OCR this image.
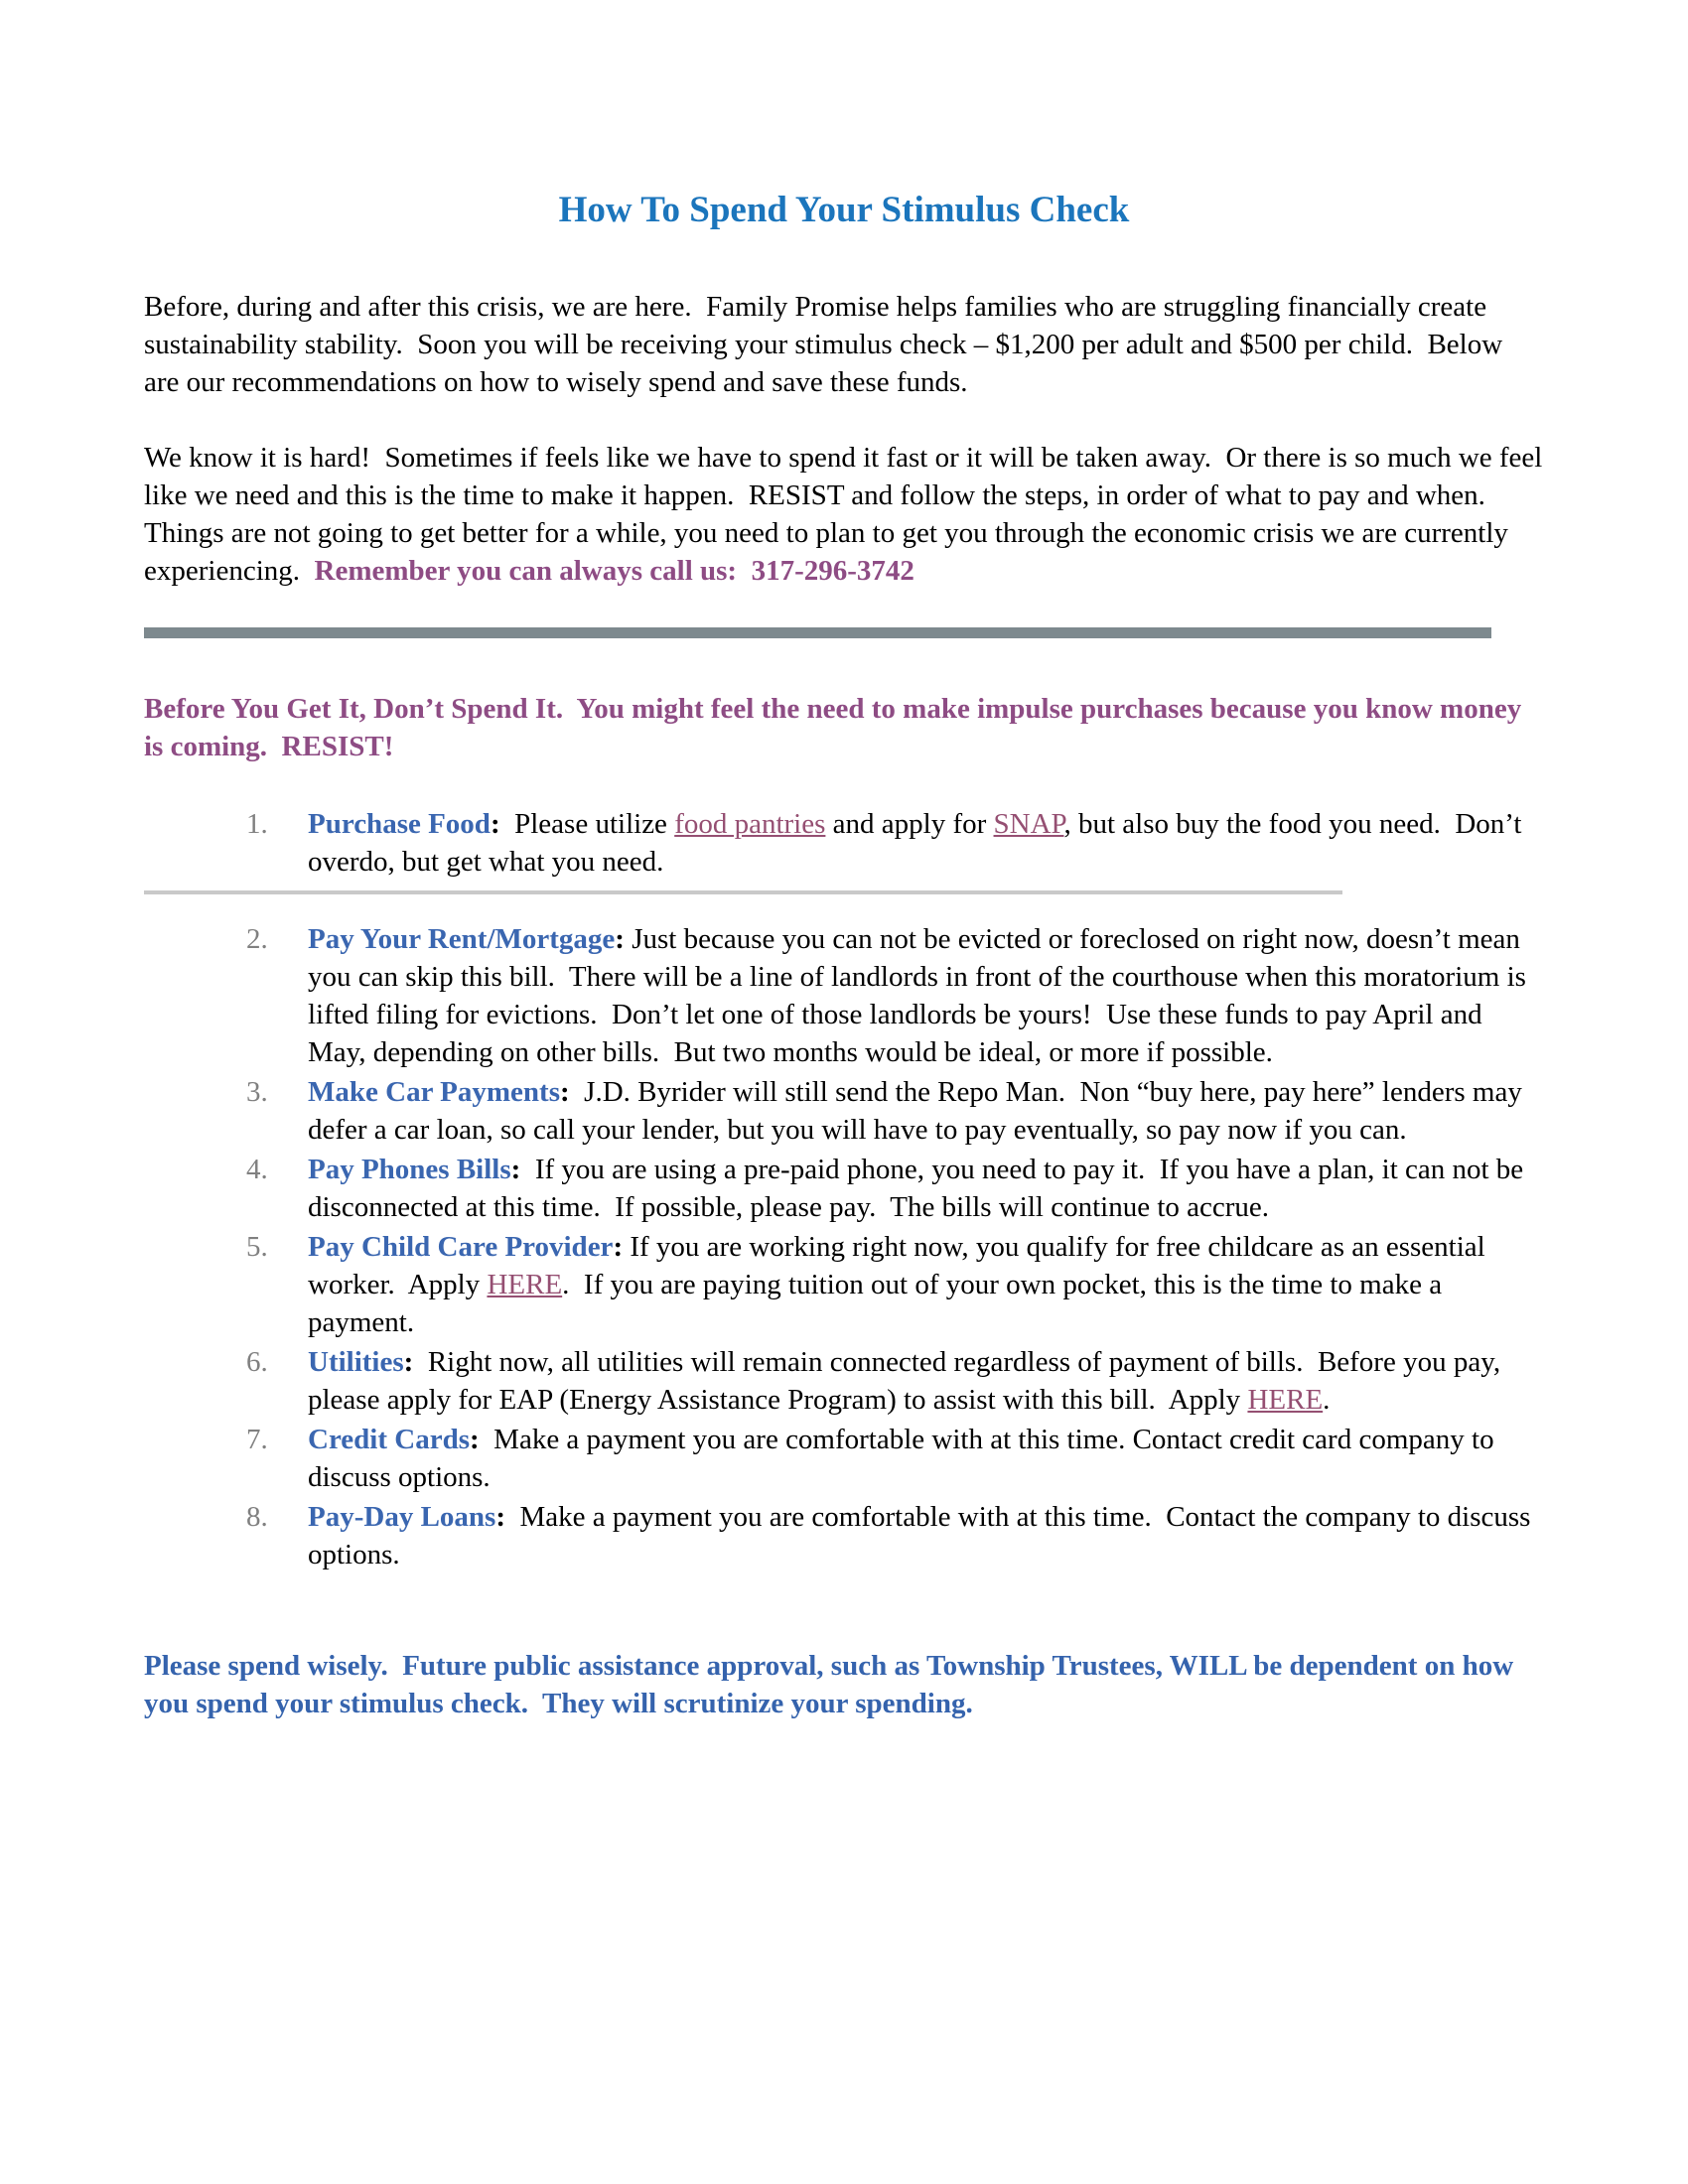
How To Spend Your Stimulus Check

Before, during and after this crisis, we are here.  Family Promise helps families who are struggling financially create sustainability stability.  Soon you will be receiving your stimulus check – $1,200 per adult and $500 per child.  Below are our recommendations on how to wisely spend and save these funds.

We know it is hard!  Sometimes if feels like we have to spend it fast or it will be taken away.  Or there is so much we feel like we need and this is the time to make it happen.  RESIST and follow the steps, in order of what to pay and when.  Things are not going to get better for a while, you need to plan to get you through the economic crisis we are currently experiencing.  Remember you can always call us:  317-296-3742

Before You Get It, Don’t Spend It.  You might feel the need to make impulse purchases because you know money is coming.  RESIST!

1.	Purchase Food:  Please utilize food pantries and apply for SNAP, but also buy the food you need.  Don’t overdo, but get what you need.
2.	Pay Your Rent/Mortgage: Just because you can not be evicted or foreclosed on right now, doesn’t mean you can skip this bill.  There will be a line of landlords in front of the courthouse when this moratorium is lifted filing for evictions.  Don’t let one of those landlords be yours!  Use these funds to pay April and May, depending on other bills.  But two months would be ideal, or more if possible.
3.	Make Car Payments:  J.D. Byrider will still send the Repo Man.  Non “buy here, pay here” lenders may defer a car loan, so call your lender, but you will have to pay eventually, so pay now if you can.
4.	Pay Phones Bills:  If you are using a pre-paid phone, you need to pay it.  If you have a plan, it can not be disconnected at this time.  If possible, please pay.  The bills will continue to accrue.
5.	Pay Child Care Provider: If you are working right now, you qualify for free childcare as an essential worker.  Apply HERE.  If you are paying tuition out of your own pocket, this is the time to make a payment.
6.	Utilities:  Right now, all utilities will remain connected regardless of payment of bills.  Before you pay, please apply for EAP (Energy Assistance Program) to assist with this bill.  Apply HERE.
7.	Credit Cards:  Make a payment you are comfortable with at this time. Contact credit card company to discuss options.
8.	Pay-Day Loans:  Make a payment you are comfortable with at this time.  Contact the company to discuss options.

Please spend wisely.  Future public assistance approval, such as Township Trustees, WILL be dependent on how you spend your stimulus check.  They will scrutinize your spending.
